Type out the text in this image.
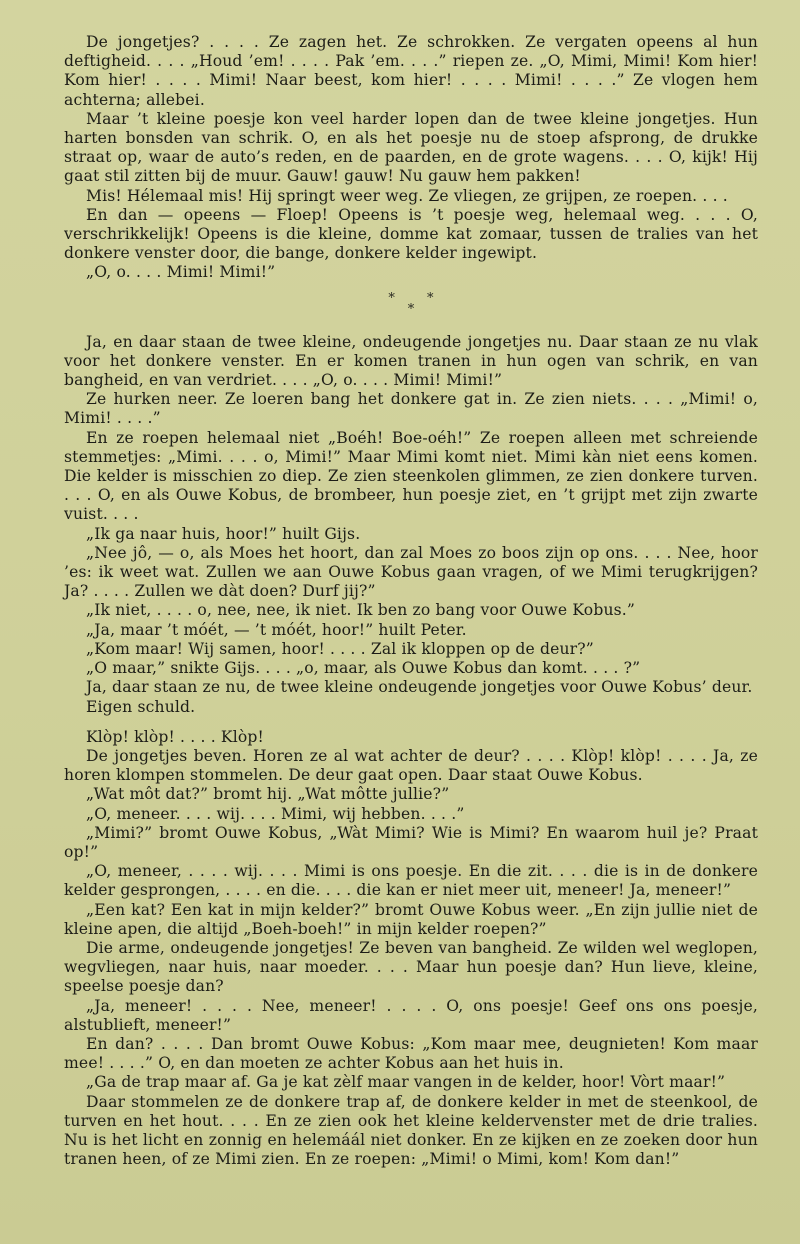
De jongetjes? . . . . Ze zagen het. Ze schrokken. Ze vergaten opeens al hun deftigheid. . . . „Houd ’em! . . . . Pak ’em. . . .” riepen ze. „O, Mimi, Mimi! Kom hier! Kom hier! . . . . Mimi! Naar beest, kom hier! . . . . Mimi! . . . .” Ze vlogen hem achterna; allebei.

Maar ’t kleine poesje kon veel harder lopen dan de twee kleine jongetjes. Hun harten bonsden van schrik. O, en als het poesje nu de stoep afsprong, de drukke straat op, waar de auto’s reden, en de paarden, en de grote wagens. . . . O, kijk! Hij gaat stil zitten bij de muur. Gauw! gauw! Nu gauw hem pakken!

Mis! Hélemaal mis! Hij springt weer weg. Ze vliegen, ze grijpen, ze roepen. . . .

En dan — opeens — Floep! Opeens is ’t poesje weg, helemaal weg. . . . O, verschrikkelijk! Opeens is die kleine, domme kat zomaar, tussen de tralies van het donkere venster door, die bange, donkere kelder ingewipt.

„O, o. . . . Mimi! Mimi!”

* *
*

Ja, en daar staan de twee kleine, ondeugende jongetjes nu. Daar staan ze nu vlak voor het donkere venster. En er komen tranen in hun ogen van schrik, en van bangheid, en van verdriet. . . . „O, o. . . . Mimi! Mimi!”

Ze hurken neer. Ze loeren bang het donkere gat in. Ze zien niets. . . . „Mimi! o, Mimi! . . . .”

En ze roepen helemaal niet „Boéh! Boe-oéh!” Ze roepen alleen met schreiende stemmetjes: „Mimi. . . . o, Mimi!” Maar Mimi komt niet. Mimi kàn niet eens komen. Die kelder is misschien zo diep. Ze zien steenkolen glimmen, ze zien donkere turven. . . . O, en als Ouwe Kobus, de brombeer, hun poesje ziet, en ’t grijpt met zijn zwarte vuist. . . .

„Ik ga naar huis, hoor!” huilt Gijs.

„Nee jô, — o, als Moes het hoort, dan zal Moes zo boos zijn op ons. . . . Nee, hoor ’es: ik weet wat. Zullen we aan Ouwe Kobus gaan vragen, of we Mimi terugkrijgen? Ja? . . . . Zullen we dàt doen? Durf jij?”

„Ik niet, . . . . o, nee, nee, ik niet. Ik ben zo bang voor Ouwe Kobus.”

„Ja, maar ’t móét, — ’t móét, hoor!” huilt Peter.

„Kom maar! Wij samen, hoor! . . . . Zal ik kloppen op de deur?”

„O maar,” snikte Gijs. . . . „o, maar, als Ouwe Kobus dan komt. . . . ?”

Ja, daar staan ze nu, de twee kleine ondeugende jongetjes voor Ouwe Kobus’ deur.

Eigen schuld.

Klòp! klòp! . . . . Klòp!

De jongetjes beven. Horen ze al wat achter de deur? . . . . Klòp! klòp! . . . . Ja, ze horen klompen stommelen. De deur gaat open. Daar staat Ouwe Kobus.

„Wat môt dat?” bromt hij. „Wat môtte jullie?”

„O, meneer. . . . wij. . . . Mimi, wij hebben. . . .”

„Mimi?” bromt Ouwe Kobus, „Wàt Mimi? Wie is Mimi? En waarom huil je? Praat op!”

„O, meneer, . . . . wij. . . . Mimi is ons poesje. En die zit. . . . die is in de donkere kelder gesprongen, . . . . en die. . . . die kan er niet meer uit, meneer! Ja, meneer!”

„Een kat? Een kat in mijn kelder?” bromt Ouwe Kobus weer. „En zijn jullie niet de kleine apen, die altijd „Boeh-boeh!” in mijn kelder roepen?”

Die arme, ondeugende jongetjes! Ze beven van bangheid. Ze wilden wel weglopen, wegvliegen, naar huis, naar moeder. . . . Maar hun poesje dan? Hun lieve, kleine, speelse poesje dan?

„Ja, meneer! . . . . Nee, meneer! . . . . O, ons poesje! Geef ons ons poesje, alstublieft, meneer!”

En dan? . . . . Dan bromt Ouwe Kobus: „Kom maar mee, deugnieten! Kom maar mee! . . . .” O, en dan moeten ze achter Kobus aan het huis in.

„Ga de trap maar af. Ga je kat zèlf maar vangen in de kelder, hoor! Vòrt maar!”

Daar stommelen ze de donkere trap af, de donkere kelder in met de steenkool, de turven en het hout. . . . En ze zien ook het kleine keldervenster met de drie tralies. Nu is het licht en zonnig en helemáál niet donker. En ze kijken en ze zoeken door hun tranen heen, of ze Mimi zien. En ze roepen: „Mimi! o Mimi, kom! Kom dan!”
